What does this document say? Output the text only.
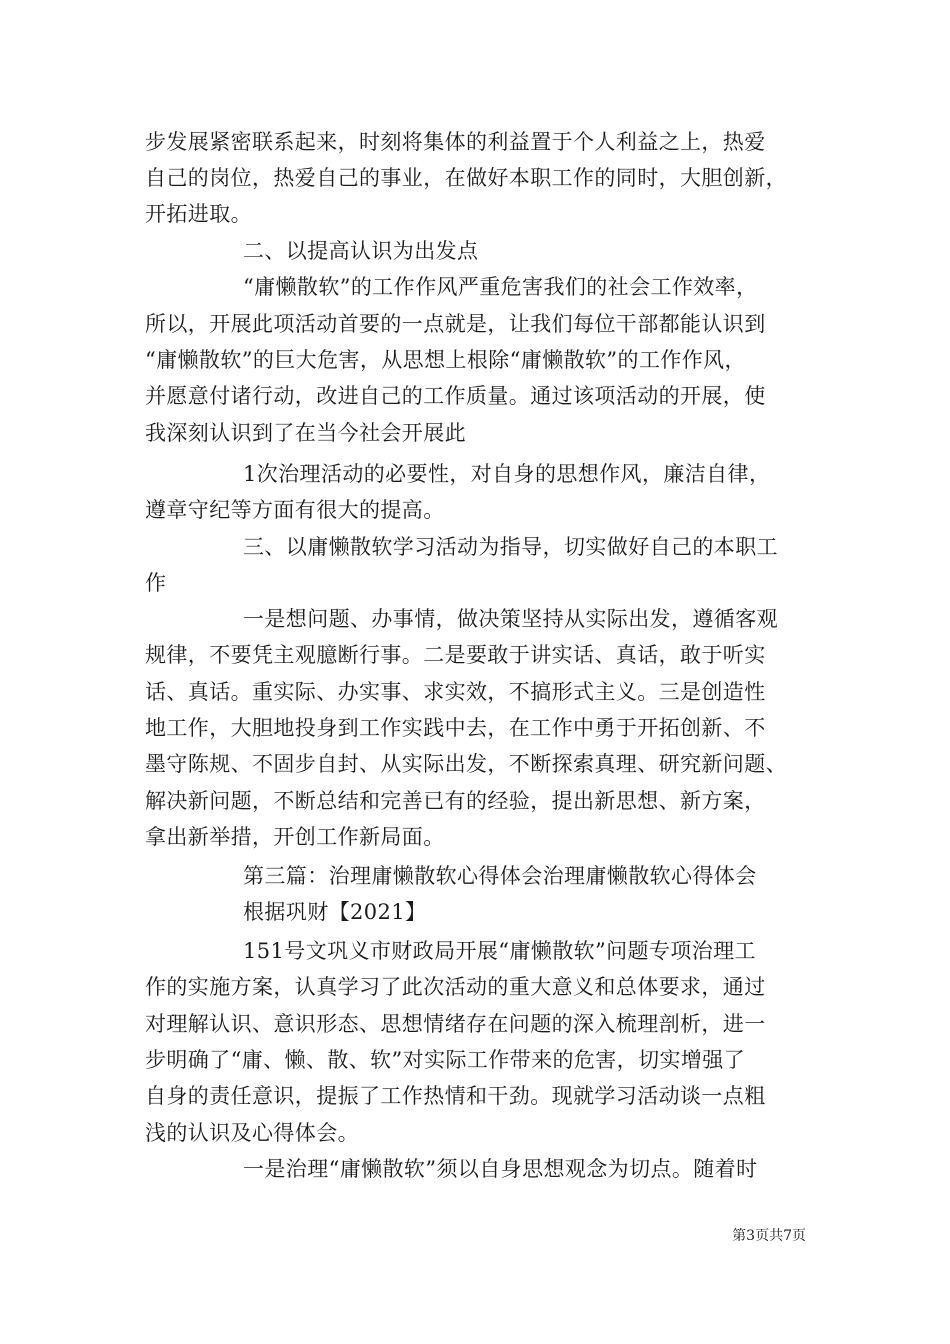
步发展紧密联系起来，时刻将集体的利益置于个人利益之上，热爱
自己的岗位，热爱自己的事业，在做好本职工作的同时，大胆创新，
开拓进取。
二、以提高认识为出发点
“庸懒散软”的工作作风严重危害我们的社会工作效率，
所以，开展此项活动首要的一点就是，让我们每位干部都能认识到
“庸懒散软”的巨大危害，从思想上根除“庸懒散软”的工作作风，
并愿意付诸行动，改进自己的工作质量。通过该项活动的开展，使
我深刻认识到了在当今社会开展此
1次治理活动的必要性，对自身的思想作风，廉洁自律，
遵章守纪等方面有很大的提高。
三、以庸懒散软学习活动为指导，切实做好自己的本职工
作
一是想问题、办事情，做决策坚持从实际出发，遵循客观
规律，不要凭主观臆断行事。二是要敢于讲实话、真话，敢于听实
话、真话。重实际、办实事、求实效，不搞形式主义。三是创造性
地工作，大胆地投身到工作实践中去，在工作中勇于开拓创新、不
墨守陈规、不固步自封、从实际出发，不断探索真理、研究新问题、
解决新问题，不断总结和完善已有的经验，提出新思想、新方案，
拿出新举措，开创工作新局面。
第三篇：治理庸懒散软心得体会治理庸懒散软心得体会
根据巩财【2021】
151号文巩义市财政局开展“庸懒散软”问题专项治理工
作的实施方案，认真学习了此次活动的重大意义和总体要求，通过
对理解认识、意识形态、思想情绪存在问题的深入梳理剖析，进一
步明确了“庸、懒、散、软”对实际工作带来的危害，切实增强了
自身的责任意识，提振了工作热情和干劲。现就学习活动谈一点粗
浅的认识及心得体会。
一是治理“庸懒散软”须以自身思想观念为切点。随着时
第3页共7页
